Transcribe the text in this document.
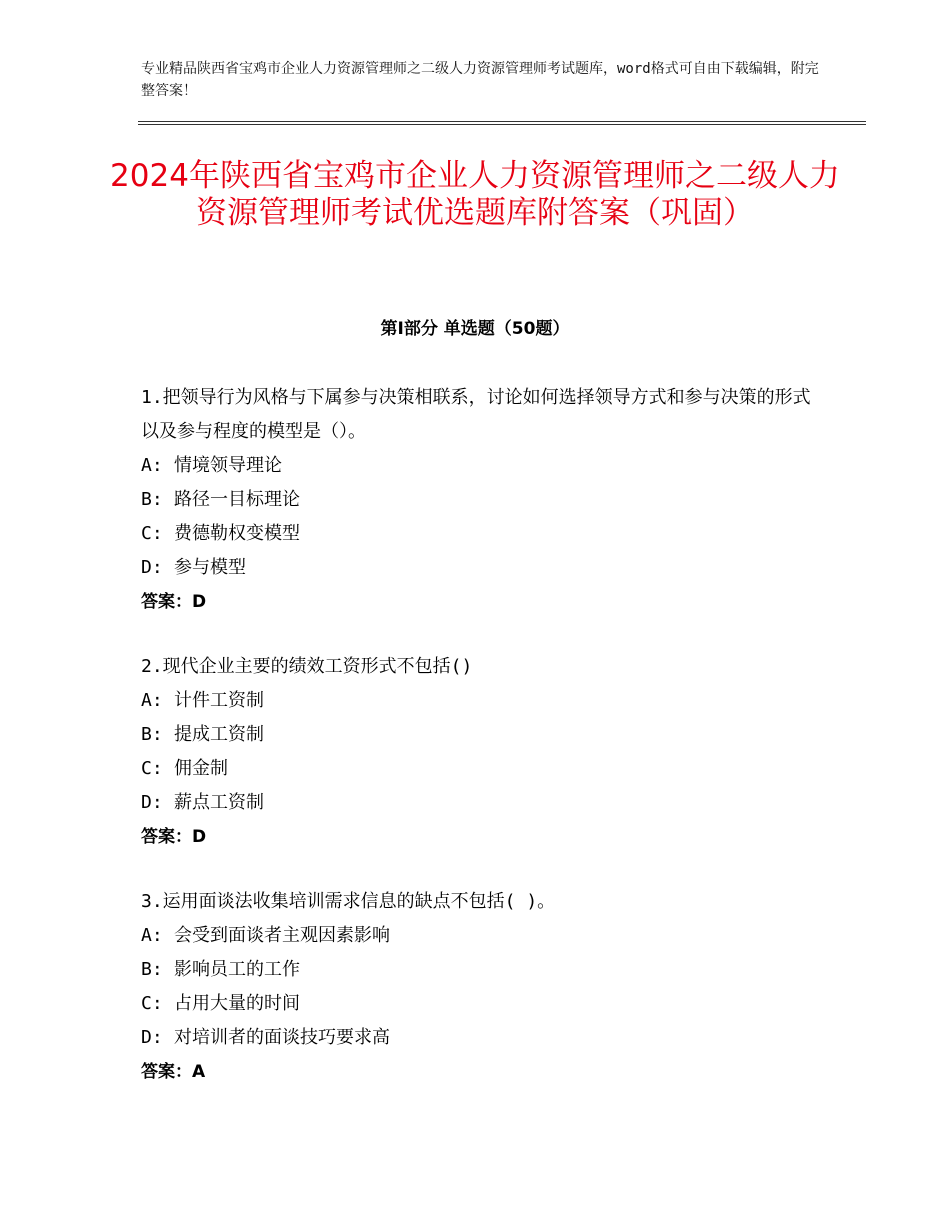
专业精品陕西省宝鸡市企业人力资源管理师之二级人力资源管理师考试题库，word格式可自由下载编辑，附完整答案！
2024年陕西省宝鸡市企业人力资源管理师之二级人力资源管理师考试优选题库附答案（巩固）
第Ⅰ部分 单选题（50题）

1.把领导行为风格与下属参与决策相联系，讨论如何选择领导方式和参与决策的形式以及参与程度的模型是（）。

A: 情境领导理论

B: 路径一目标理论

C: 费德勒权变模型

D: 参与模型

答案：D

2.现代企业主要的绩效工资形式不包括()

A: 计件工资制

B: 提成工资制

C: 佣金制

D: 薪点工资制

答案：D

3.运用面谈法收集培训需求信息的缺点不包括( )。

A: 会受到面谈者主观因素影响

B: 影响员工的工作

C: 占用大量的时间

D: 对培训者的面谈技巧要求高

答案：A
